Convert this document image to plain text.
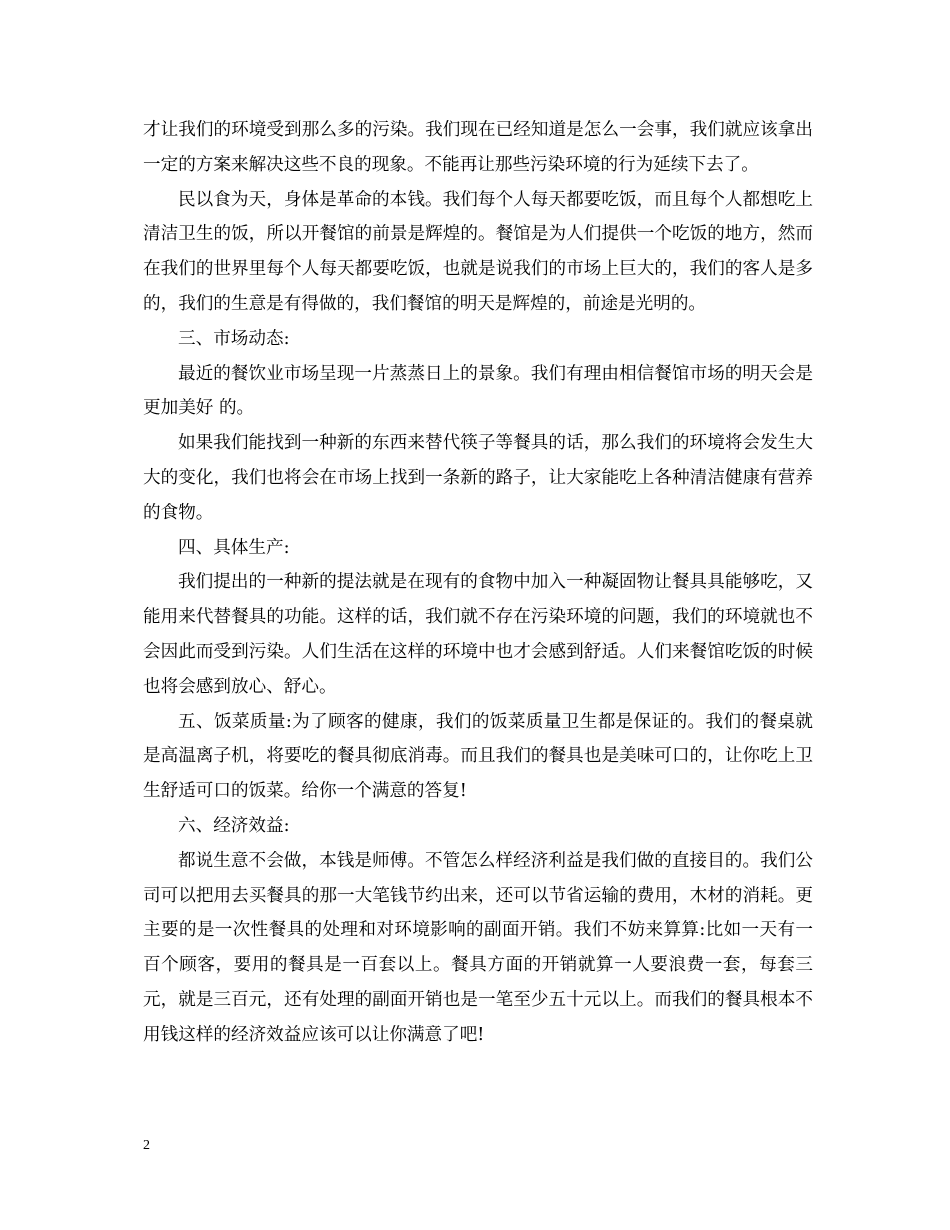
才让我们的环境受到那么多的污染。我们现在已经知道是怎么一会事，我们就应该拿出一定的方案来解决这些不良的现象。不能再让那些污染环境的行为延续下去了。

民以食为天，身体是革命的本钱。我们每个人每天都要吃饭，而且每个人都想吃上清洁卫生的饭，所以开餐馆的前景是辉煌的。餐馆是为人们提供一个吃饭的地方，然而在我们的世界里每个人每天都要吃饭，也就是说我们的市场上巨大的，我们的客人是多的，我们的生意是有得做的，我们餐馆的明天是辉煌的，前途是光明的。

三、市场动态:

最近的餐饮业市场呈现一片蒸蒸日上的景象。我们有理由相信餐馆市场的明天会是更加美好 的。

如果我们能找到一种新的东西来替代筷子等餐具的话，那么我们的环境将会发生大大的变化，我们也将会在市场上找到一条新的路子，让大家能吃上各种清洁健康有营养的食物。

四、具体生产:

我们提出的一种新的提法就是在现有的食物中加入一种凝固物让餐具具能够吃，又能用来代替餐具的功能。这样的话，我们就不存在污染环境的问题，我们的环境就也不会因此而受到污染。人们生活在这样的环境中也才会感到舒适。人们来餐馆吃饭的时候也将会感到放心、舒心。

五、饭菜质量:为了顾客的健康，我们的饭菜质量卫生都是保证的。我们的餐桌就是高温离子机，将要吃的餐具彻底消毒。而且我们的餐具也是美味可口的，让你吃上卫生舒适可口的饭菜。给你一个满意的答复!

六、经济效益:

都说生意不会做，本钱是师傅。不管怎么样经济利益是我们做的直接目的。我们公司可以把用去买餐具的那一大笔钱节约出来，还可以节省运输的费用，木材的消耗。更主要的是一次性餐具的处理和对环境影响的副面开销。我们不妨来算算:比如一天有一百个顾客，要用的餐具是一百套以上。餐具方面的开销就算一人要浪费一套，每套三元，就是三百元，还有处理的副面开销也是一笔至少五十元以上。而我们的餐具根本不用钱这样的经济效益应该可以让你满意了吧!

2
